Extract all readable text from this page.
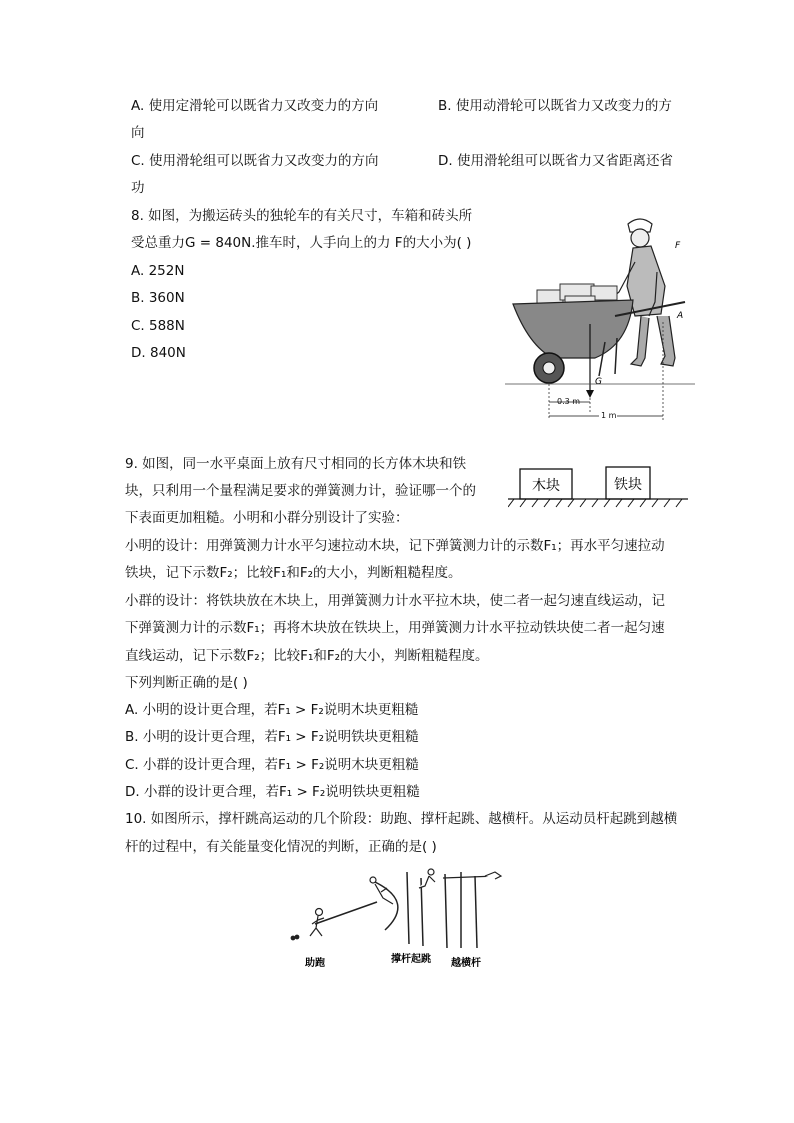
A. 使用定滑轮可以既省力又改变力的方向	B. 使用动滑轮可以既省力又改变力的方
向
C. 使用滑轮组可以既省力又改变力的方向	D. 使用滑轮组可以既省力又省距离还省
功
8. 如图，为搬运砖头的独轮车的有关尺寸，车箱和砖头所
受总重力G = 840N.推车时，人手向上的力 F的大小为( )
A. 252N
B. 360N
C. 588N
D. 840N
F
A
G
0.3 m
1 m
9. 如图，同一水平桌面上放有尺寸相同的长方体木块和铁
块，只利用一个量程满足要求的弹簧测力计，验证哪一个的
下表面更加粗糙。小明和小群分别设计了实验：
木块	铁块
小明的设计：用弹簧测力计水平匀速拉动木块，记下弹簧测力计的示数F₁；再水平匀速拉动
铁块，记下示数F₂；比较F₁和F₂的大小，判断粗糙程度。
小群的设计：将铁块放在木块上，用弹簧测力计水平拉木块，使二者一起匀速直线运动，记
下弹簧测力计的示数F₁；再将木块放在铁块上，用弹簧测力计水平拉动铁块使二者一起匀速
直线运动，记下示数F₂；比较F₁和F₂的大小，判断粗糙程度。
下列判断正确的是( )
A. 小明的设计更合理，若F₁ > F₂说明木块更粗糙
B. 小明的设计更合理，若F₁ > F₂说明铁块更粗糙
C. 小群的设计更合理，若F₁ > F₂说明木块更粗糙
D. 小群的设计更合理，若F₁ > F₂说明铁块更粗糙
10. 如图所示，撑杆跳高运动的几个阶段：助跑、撑杆起跳、越横杆。从运动员杆起跳到越横
杆的过程中，有关能量变化情况的判断，正确的是( )
助跑	撑杆起跳 越横杆
